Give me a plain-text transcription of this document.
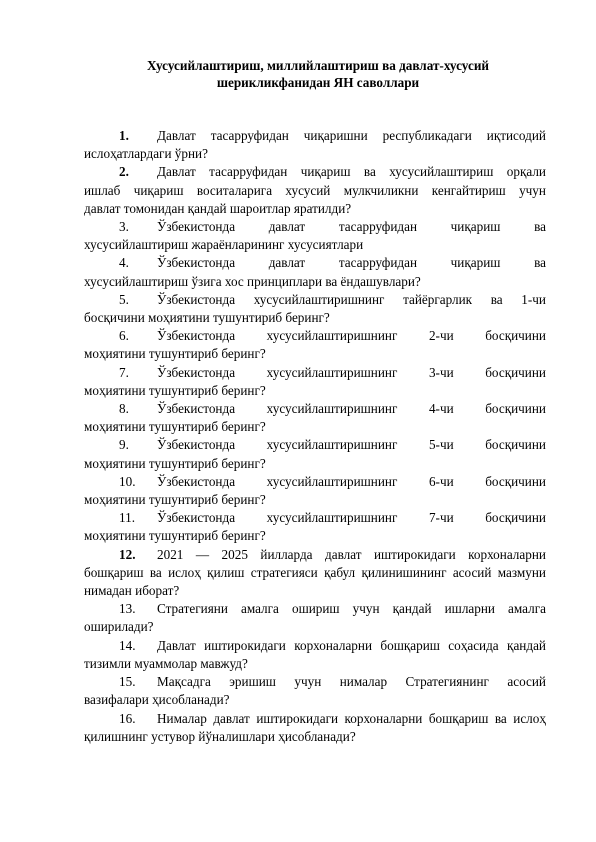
Хусусийлаштириш, миллийлаштириш ва давлат-хусусий
шерикликфанидан ЯН саволлари
1. Давлат тасарруфидан чиқаришни республикадаги иқтисодий
ислоҳатлардаги ўрни?
2. Давлат тасарруфидан чиқариш ва хусусийлаштириш орқали
ишлаб чиқариш воситаларига хусусий мулкчиликни кенгайтириш учун
давлат томонидан қандай шароитлар яратилди?
3. Ўзбекистонда	давлат	тасарруфидан	чиқариш	ва
хусусийлаштириш жараёнларининг хусусиятлари
4. Ўзбекистонда	давлат	тасарруфидан	чиқариш	ва
хусусийлаштириш ўзига хос принциплари ва ёндашувлари?
5. Ўзбекистонда хусусийлаштиришнинг тайёргарлик ва 1-чи
босқичини моҳиятини тушунтириб беринг?
6. Ўзбекистонда хусусийлаштиришнинг 2-чи босқичини
моҳиятини тушунтириб беринг?
7. Ўзбекистонда хусусийлаштиришнинг 3-чи босқичини
моҳиятини тушунтириб беринг?
8. Ўзбекистонда хусусийлаштиришнинг 4-чи босқичини
моҳиятини тушунтириб беринг?
9. Ўзбекистонда хусусийлаштиришнинг 5-чи босқичини
моҳиятини тушунтириб беринг?
10. Ўзбекистонда хусусийлаштиришнинг 6-чи босқичини
моҳиятини тушунтириб беринг?
11. Ўзбекистонда хусусийлаштиришнинг 7-чи босқичини
моҳиятини тушунтириб беринг?
12. 2021 — 2025 йилларда давлат иштирокидаги корхоналарни
бошқариш ва ислоҳ қилиш стратегияси қабул қилинишининг асосий мазмуни
нимадан иборат?
13. Стратегияни амалга ошириш учун қандай ишларни амалга
оширилади?
14. Давлат иштирокидаги корхоналарни бошқариш соҳасида қандай
тизимли муаммолар мавжуд?
15. Мақсадга эришиш учун нималар Стратегиянинг асосий
вазифалари ҳисобланади?
16. Нималар давлат иштирокидаги корхоналарни бошқариш ва ислоҳ
қилишнинг устувор йўналишлари ҳисобланади?
